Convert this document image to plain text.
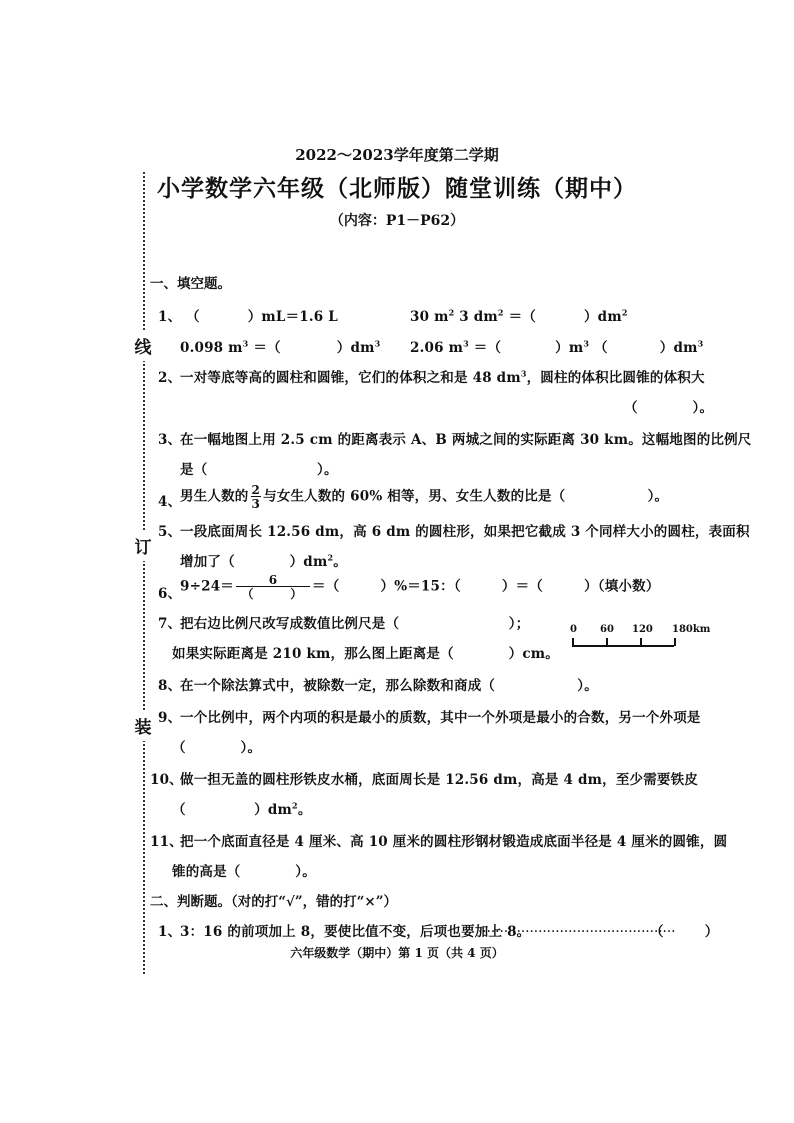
线
订
装
2022～2023学年度第二学期
小学数学六年级（北师版）随堂训练（期中）
（内容：P1－P62）
一、填空题。
1、 （	）mL＝1.6 L	30 $m^2$ 3 $dm^2$ ＝（	）$dm^2$
0.098 $m^3$ ＝（	）$dm^3$ 2.06 $m^3$ ＝（	）$m^3$ （	）$dm^3$
2、
一对等底等高的圆柱和圆锥，它们的体积之和是 48 $dm^3$，圆柱的体积比圆锥的体积大
（　　　　）。
3、
在一幅地图上用 2.5 cm 的距离表示 A、B 两城之间的实际距离 30 km。这幅地图的比例尺
是（　　　　　　　　）。
4、
男生人数的 $\frac{2}{3}$ 与女生人数的 60% 相等，男、女生人数的比是（　　　　　　）。
5、
一段底面周长 12.56 dm，高 6 dm 的圆柱形，如果把它截成 3 个同样大小的圆柱，表面积
增加了（　　　　）$dm^2$。
6、
$9\div 24= \frac{6}{( )}$ ＝（　　　）%＝15：（　　　）＝（　　　）（填小数）
7、
把右边比例尺改写成数值比例尺是（　　　　　　　　）；
如果实际距离是 210 km，那么图上距离是（　　　　）cm。
0 60 120 180km
8、
在一个除法算式中，被除数一定，那么除数和商成（　　　　　　）。
9、
一个比例中，两个内项的积是最小的质数，其中一个外项是最小的合数，另一个外项是
（　　　　）。
10、
做一担无盖的圆柱形铁皮水桶，底面周长是 12.56 dm，高是 4 dm，至少需要铁皮
（　　　　　）$dm^2$。
11、
把一个底面直径是 4 厘米、高 10 厘米的圆柱形钢材锻造成底面半径是 4 厘米的圆锥，圆
锥的高是（　　　　）。
二、判断题。（对的打“√”，错的打“×”）
1、
3：16 的前项加上 8，要使比值不变，后项也要加上 8。
..............................................
（　　　）
六年级数学（期中）第 1 页（共 4 页）
